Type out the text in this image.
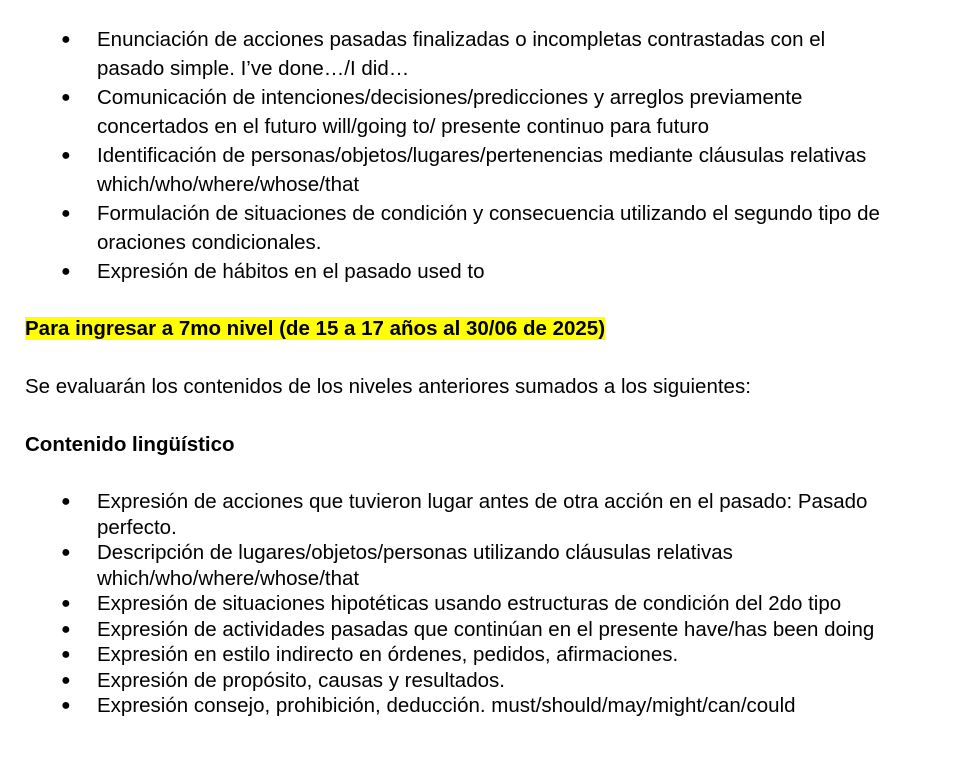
● Enunciación de acciones pasadas finalizadas o incompletas contrastadas con el pasado simple. I’ve done…/I did…
● Comunicación de intenciones/decisiones/predicciones y arreglos previamente concertados en el futuro will/going to/ presente continuo para futuro
● Identificación de personas/objetos/lugares/pertenencias mediante cláusulas relativas which/who/where/whose/that
● Formulación de situaciones de condición y consecuencia utilizando el segundo tipo de oraciones condicionales.
● Expresión de hábitos en el pasado used to
Para ingresar a 7mo nivel (de 15 a 17 años al 30/06 de 2025)
Se evaluarán los contenidos de los niveles anteriores sumados a los siguientes:
Contenido lingüístico
● Expresión de acciones que tuvieron lugar antes de otra acción en el pasado: Pasado perfecto.
● Descripción de lugares/objetos/personas utilizando cláusulas relativas which/who/where/whose/that
● Expresión de situaciones hipotéticas usando estructuras de condición del 2do tipo
● Expresión de actividades pasadas que continúan en el presente have/has been doing
● Expresión en estilo indirecto en órdenes, pedidos, afirmaciones.
● Expresión de propósito, causas y resultados.
● Expresión consejo, prohibición, deducción. must/should/may/might/can/could
